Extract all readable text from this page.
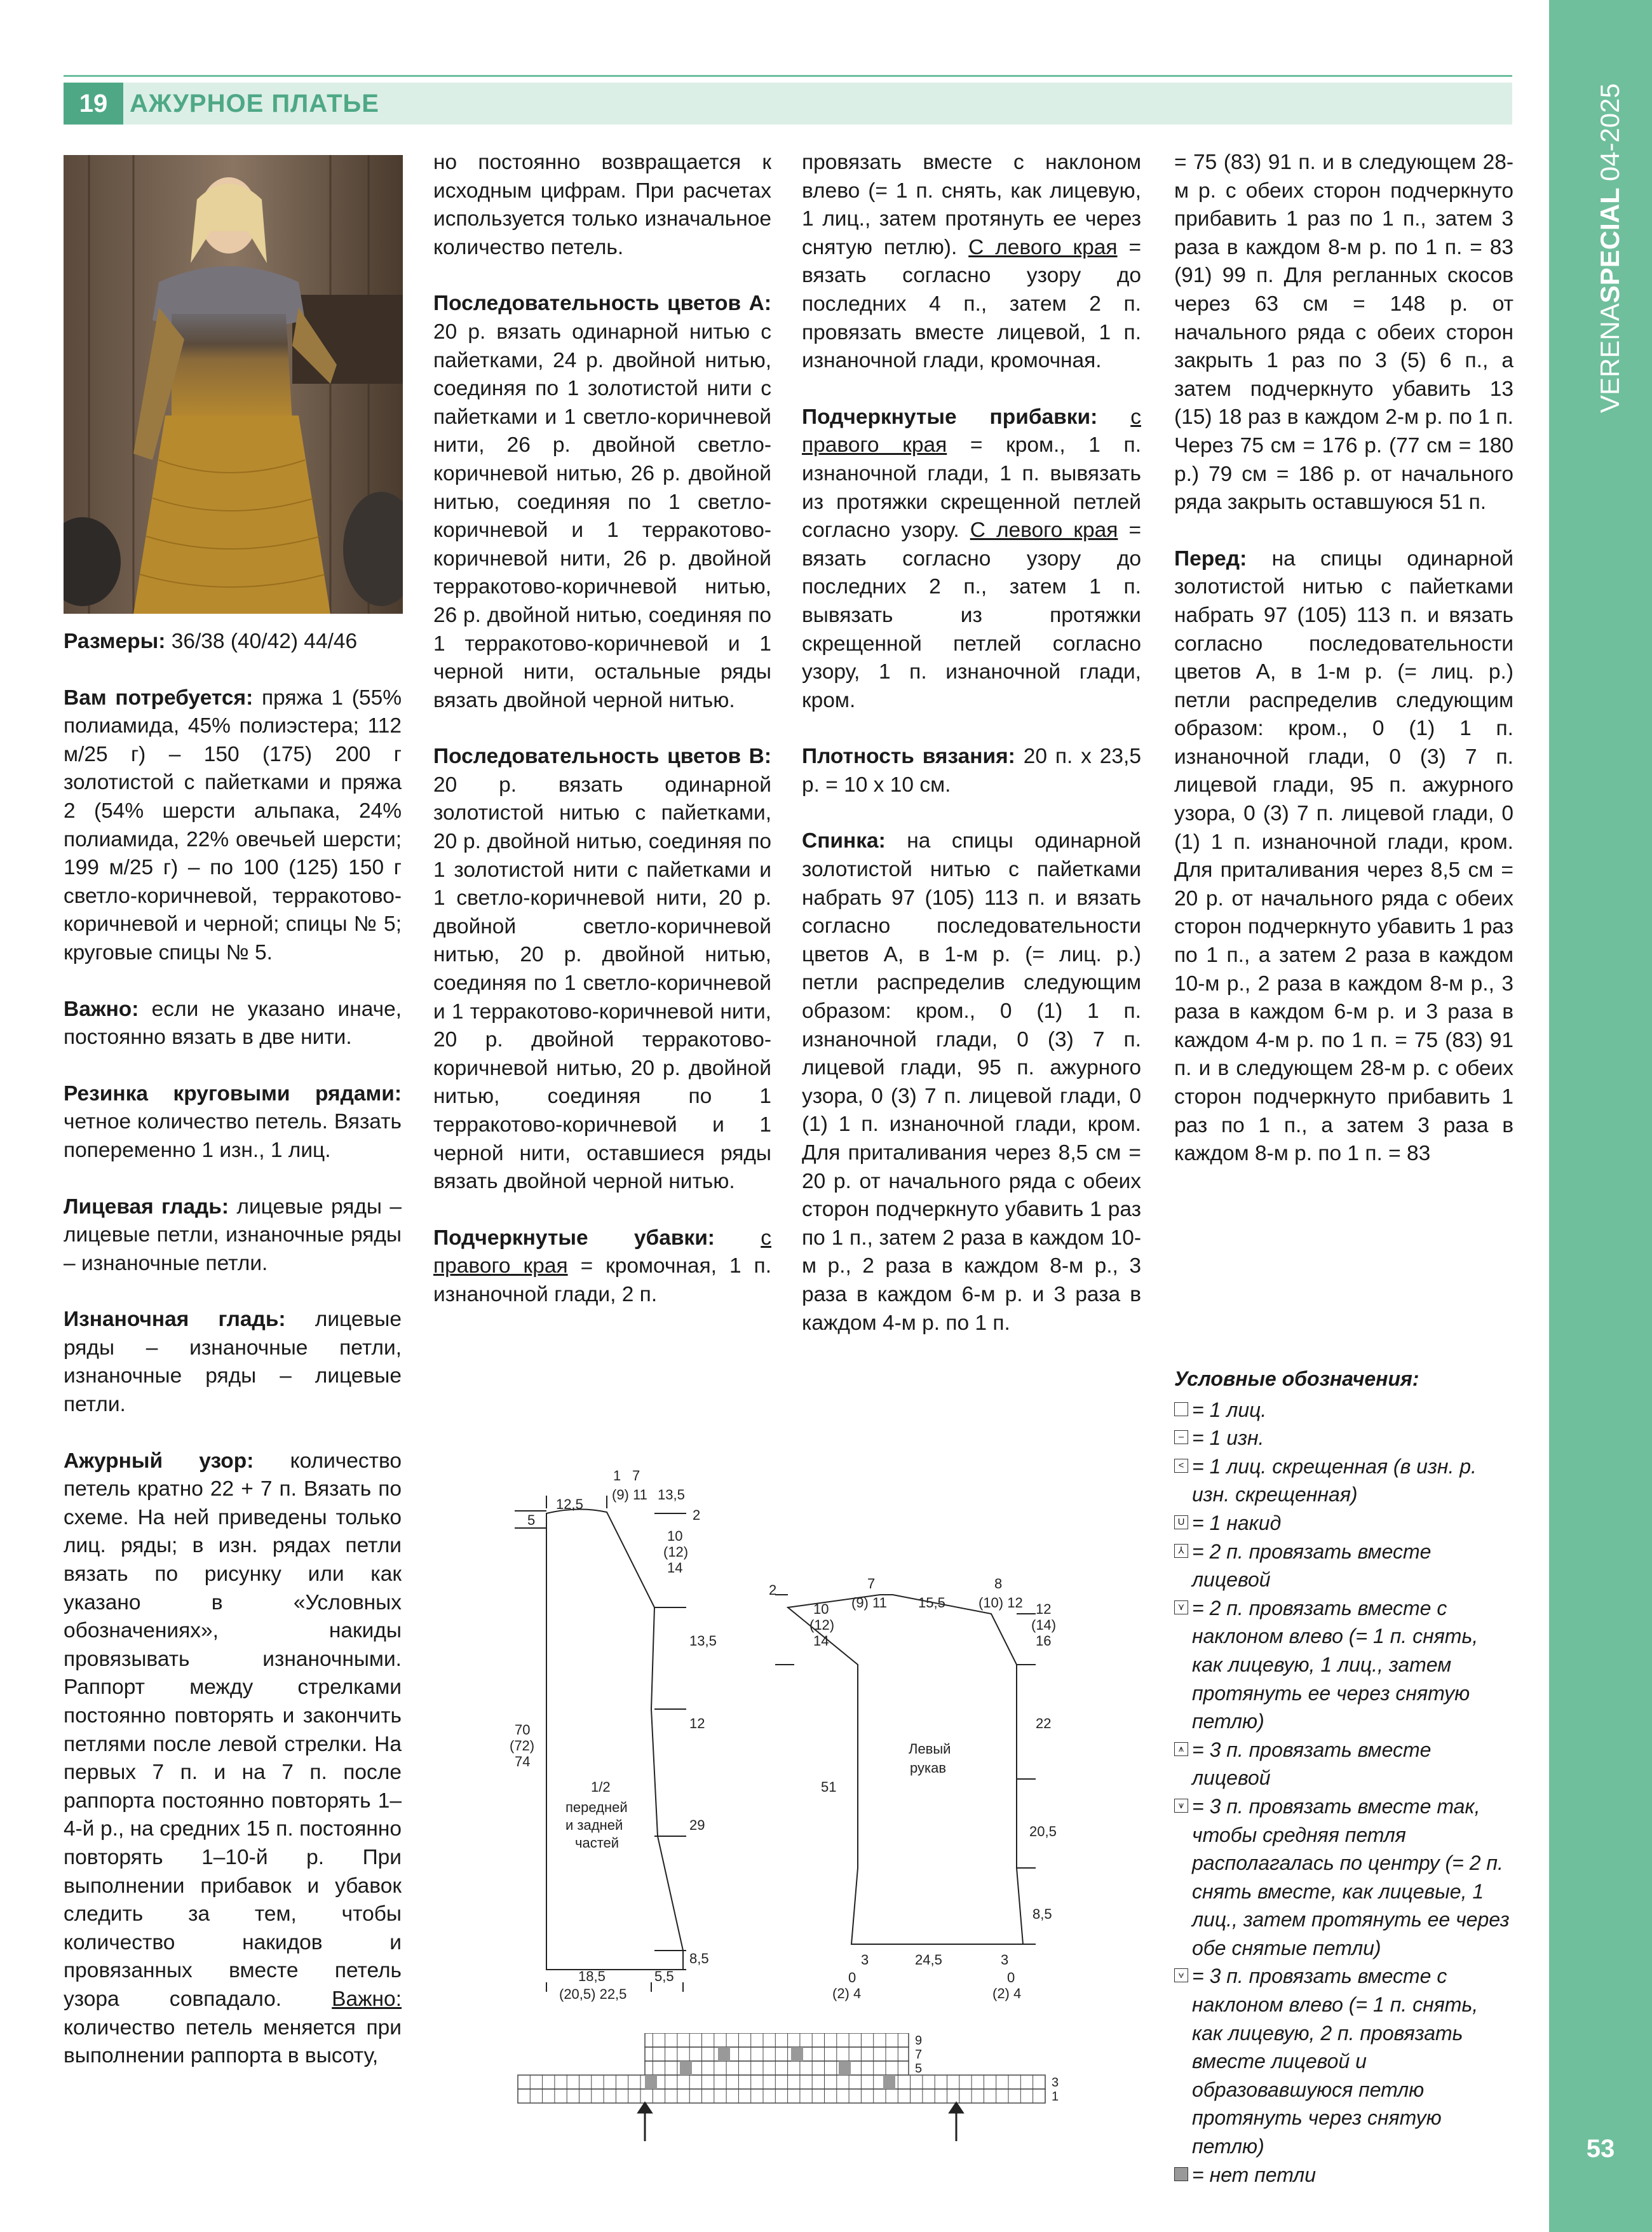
19 АЖУРНОЕ ПЛАТЬЕ
VERENASPECIAL04-2025
53

Размеры: 36/38 (40/42) 44/46

Вам потребуется: пряжа 1 (55% полиамида, 45% полиэстера; 112 м/25 г) – 150 (175) 200 г золотистой с пайетками и пряжа 2 (54% шерсти альпака, 24% полиамида, 22% овечьей шерсти; 199 м/25 г) – по 100 (125) 150 г светло-коричневой, терракотово-коричневой и черной; спицы № 5; круговые спицы № 5.

Важно: если не указано иначе, постоянно вязать в две нити.

Резинка круговыми рядами: четное количество петель. Вязать попеременно 1 изн., 1 лиц.

Лицевая гладь: лицевые ряды – лицевые петли, изнаночные ряды – изнаночные петли.

Изнаночная гладь: лицевые ряды – изнаночные петли, изнаночные ряды – лицевые петли.

Ажурный узор: количество петель кратно 22 + 7 п. Вязать по схеме. На ней приведены только лиц. ряды; в изн. рядах петли вязать по рисунку или как указано в «Условных обозначениях», накиды провязывать изнаночными. Раппорт между стрелками постоянно повторять и закончить петлями после левой стрелки. На первых 7 п. и на 7 п. после раппорта постоянно повторять 1–4-й р., на средних 15 п. постоянно повторять 1–10-й р. При выполнении прибавок и убавок следить за тем, чтобы количество накидов и провязанных вместе петель узора совпадало. Важно: количество петель меняется при выполнении раппорта в высоту,

но постоянно возвращается к исходным цифрам. При расчетах используется только изначальное количество петель.

Последовательность цветов А: 20 р. вязать одинарной нитью с пайетками, 24 р. двойной нитью, соединяя по 1 золотистой нити с пайетками и 1 светло-коричневой нити, 26 р. двойной светло-коричневой нитью, 26 р. двойной нитью, соединяя по 1 светло-коричневой и 1 терракотово-коричневой нити, 26 р. двойной терракотово-коричневой нитью, 26 р. двойной нитью, соединяя по 1 терракотово-коричневой и 1 черной нити, остальные ряды вязать двойной черной нитью.

Последовательность цветов В: 20 р. вязать одинарной золотистой нитью с пайетками, 20 р. двойной нитью, соединяя по 1 золотистой нити с пайетками и 1 светло-коричневой нити, 20 р. двойной светло-коричневой нитью, 20 р. двойной нитью, соединяя по 1 светло-коричневой и 1 терракотово-коричневой нити, 20 р. двойной терракотово-коричневой нитью, 20 р. двойной нитью, соединяя по 1 терракотово-коричневой и 1 черной нити, оставшиеся ряды вязать двойной черной нитью.

Подчеркнутые убавки: с правого края = кромочная, 1 п. изнаночной глади, 2 п.

провязать вместе с наклоном влево (= 1 п. снять, как лицевую, 1 лиц., затем протянуть ее через снятую петлю). С левого края = вязать согласно узору до последних 4 п., затем 2 п. провязать вместе лицевой, 1 п. изнаночной глади, кромочная.

Подчеркнутые прибавки: с правого края = кром., 1 п. изнаночной глади, 1 п. вывязать из протяжки скрещенной петлей согласно узору. С левого края = вязать согласно узору до последних 2 п., затем 1 п. вывязать из протяжки скрещенной петлей согласно узору, 1 п. изнаночной глади, кром.

Плотность вязания: 20 п. х 23,5 р. = 10 х 10 см.

Спинка: на спицы одинарной золотистой нитью с пайетками набрать 97 (105) 113 п. и вязать согласно последовательности цветов А, в 1-м р. (= лиц. р.) петли распределив следующим образом: кром., 0 (1) 1 п. изнаночной глади, 0 (3) 7 п. лицевой глади, 95 п. ажурного узора, 0 (3) 7 п. лицевой глади, 0 (1) 1 п. изнаночной глади, кром. Для приталивания через 8,5 см = 20 р. от начального ряда с обеих сторон подчеркнуто убавить 1 раз по 1 п., затем 2 раза в каждом 10-м р., 2 раза в каждом 8-м р., 3 раза в каждом 6-м р. и 3 раза в каждом 4-м р. по 1 п.

= 75 (83) 91 п. и в следующем 28-м р. с обеих сторон подчеркнуто прибавить 1 раз по 1 п., затем 3 раза в каждом 8-м р. по 1 п. = 83 (91) 99 п. Для регланных скосов через 63 см = 148 р. от начального ряда с обеих сторон закрыть 1 раз по 3 (5) 6 п., а затем подчеркнуто убавить 13 (15) 18 раз в каждом 2-м р. по 1 п. Через 75 см = 176 р. (77 см = 180 р.) 79 см = 186 р. от начального ряда закрыть оставшуюся 51 п.

Перед: на спицы одинарной золотистой нитью с пайетками набрать 97 (105) 113 п. и вязать согласно последовательности цветов А, в 1-м р. (= лиц. р.) петли распределив следующим образом: кром., 0 (1) 1 п. изнаночной глади, 0 (3) 7 п. лицевой глади, 95 п. ажурного узора, 0 (3) 7 п. лицевой глади, 0 (1) 1 п. изнаночной глади, кром. Для приталивания через 8,5 см = 20 р. от начального ряда с обеих сторон подчеркнуто убавить 1 раз по 1 п., а затем 2 раза в каждом 10-м р., 2 раза в каждом 8-м р., 3 раза в каждом 6-м р. и 3 раза в каждом 4-м р. по 1 п. = 75 (83) 91 п. и в следующем 28-м р. с обеих сторон подчеркнуто прибавить 1 раз по 1 п., а затем 3 раза в каждом 8-м р. по 1 п. = 83

Условные обозначения:
= 1 лиц.
– = 1 изн.
< = 1 лиц. скрещенная (в изн. р. изн. скрещенная)
U = 1 накид
⅄ = 2 п. провязать вместе лицевой
⋎ = 2 п. провязать вместе с наклоном влево (= 1 п. снять, как лицевую, 1 лиц., затем протянуть ее через снятую петлю)
⩚ = 3 п. провязать вместе лицевой
⩛ = 3 п. провязать вместе так, чтобы средняя петля располагалась по центру (= 2 п. снять вместе, как лицевые, 1 лиц., затем протянуть ее через обе снятые петли)
⩝ = 3 п. провязать вместе с наклоном влево (= 1 п. снять, как лицевую, 2 п. провязать вместе лицевой и образовавшуюся петлю протянуть через снятую петлю)
= нет петли
12,5
1 7
(9) 11 13,5
5	2
10
(12)
14
13,5
12
29
8,5
70
(72)
74
1/2
передней
и задней
частей
18,5
(20,5) 22,5
5,5
7
(9) 11 15,5
8
(10) 12
2
10
(12)
14
12
(14)
16
22
20,5
8,5
51
Левый
рукав
24,5
3	3
0
(2) 4
0
(2) 4
9
7
5
3
1
